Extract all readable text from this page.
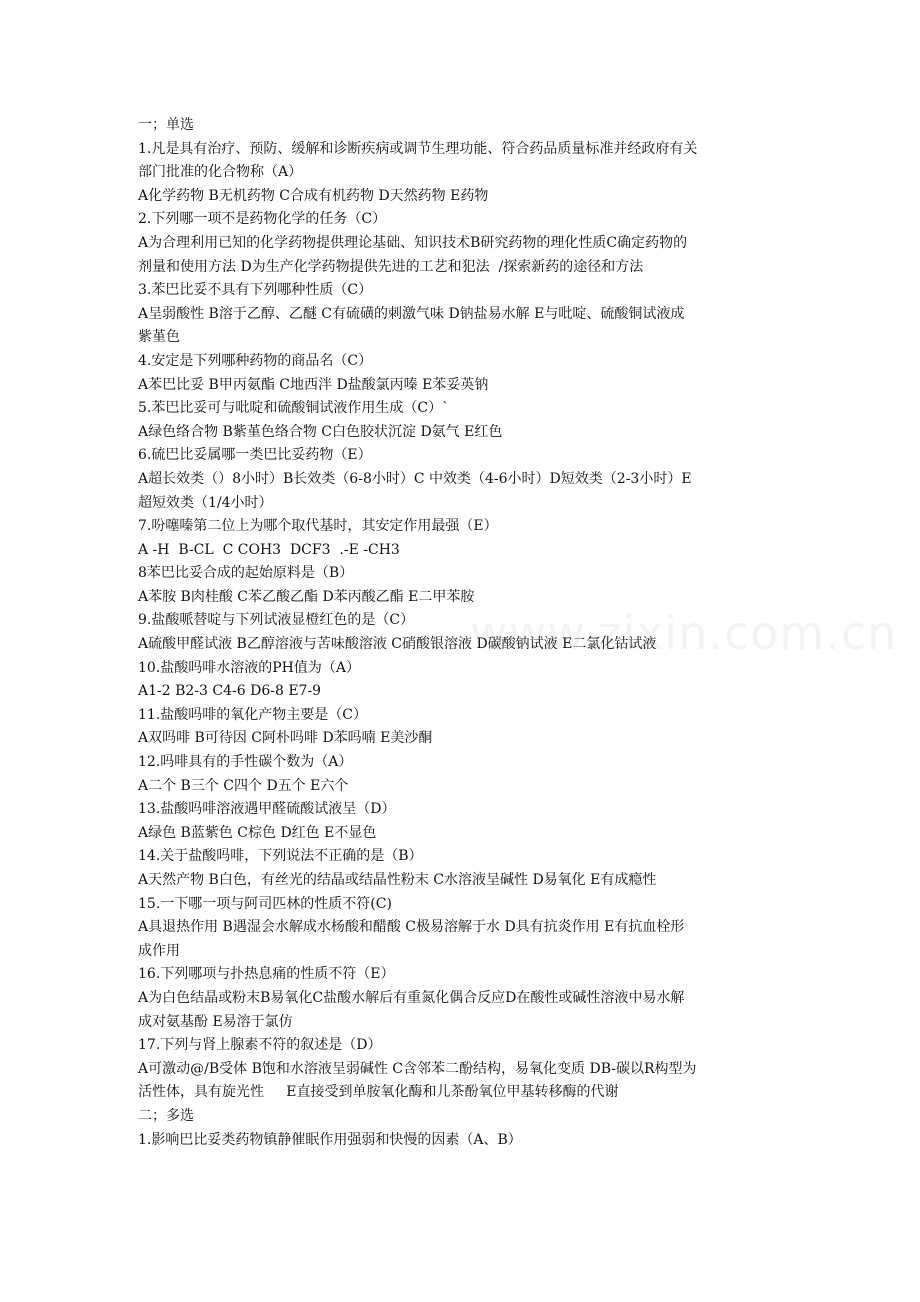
一；单选

1.凡是具有治疗、预防、缓解和诊断疾病或调节生理功能、符合药品质量标准并经政府有关

部门批准的化合物称（A）

A化学药物 B无机药物 C合成有机药物 D天然药物 E药物

2.下列哪一项不是药物化学的任务（C）

A为合理利用已知的化学药物提供理论基础、知识技术B研究药物的理化性质C确定药物的

剂量和使用方法 D为生产化学药物提供先进的工艺和犯法  /探索新药的途径和方法

3.苯巴比妥不具有下列哪种性质（C）

A呈弱酸性 B溶于乙醇、乙醚 C有硫磺的刺激气味 D钠盐易水解 E与吡啶、硫酸铜试液成

紫堇色

4.安定是下列哪种药物的商品名（C）

A苯巴比妥 B甲丙氨酯 C地西泮 D盐酸氯丙嗪 E苯妥英钠

5.苯巴比妥可与吡啶和硫酸铜试液作用生成（C）`

A绿色络合物 B紫堇色络合物 C白色胶状沉淀 D氨气 E红色

6.硫巴比妥属哪一类巴比妥药物（E）

A超长效类（）8小时）B长效类（6-8小时）C 中效类（4-6小时）D短效类（2-3小时）E

超短效类（1/4小时）

7.吩噻嗪第二位上为哪个取代基时，其安定作用最强（E）

A -H  B-CL  C COH3  DCF3  .-E -CH3

8苯巴比妥合成的起始原料是（B）

A苯胺 B肉桂酸 C苯乙酸乙酯 D苯丙酸乙酯 E二甲苯胺

9.盐酸哌替啶与下列试液显橙红色的是（C）

A硫酸甲醛试液 B乙醇溶液与苦味酸溶液 C硝酸银溶液 D碳酸钠试液 E二氯化钴试液

10.盐酸吗啡水溶液的PH值为（A）

A1-2 B2-3 C4-6 D6-8 E7-9

11.盐酸吗啡的氧化产物主要是（C）

A双吗啡 B可待因 C阿朴吗啡 D苯吗喃 E美沙酮

12.吗啡具有的手性碳个数为（A）

A二个 B三个 C四个 D五个 E六个

13.盐酸吗啡溶液遇甲醛硫酸试液呈（D）

A绿色 B蓝紫色 C棕色 D红色 E不显色

14.关于盐酸吗啡，下列说法不正确的是（B）

A天然产物 B白色，有丝光的结晶或结晶性粉末 C水溶液呈碱性 D易氧化 E有成瘾性

15.一下哪一项与阿司匹林的性质不符(C)

A具退热作用 B遇湿会水解成水杨酸和醋酸 C极易溶解于水 D具有抗炎作用 E有抗血栓形

成作用

16.下列哪项与扑热息痛的性质不符（E）

A为白色结晶或粉末B易氧化C盐酸水解后有重氮化偶合反应D在酸性或碱性溶液中易水解

成对氨基酚 E易溶于氯仿

17.下列与肾上腺素不符的叙述是（D）

A可激动@/B受体 B饱和水溶液呈弱碱性 C含邻苯二酚结构，易氧化变质 DB-碳以R构型为

活性体，具有旋光性     E直接受到单胺氧化酶和儿茶酚氧位甲基转移酶的代谢

二；多选

1.影响巴比妥类药物镇静催眠作用强弱和快慢的因素（A、B）
